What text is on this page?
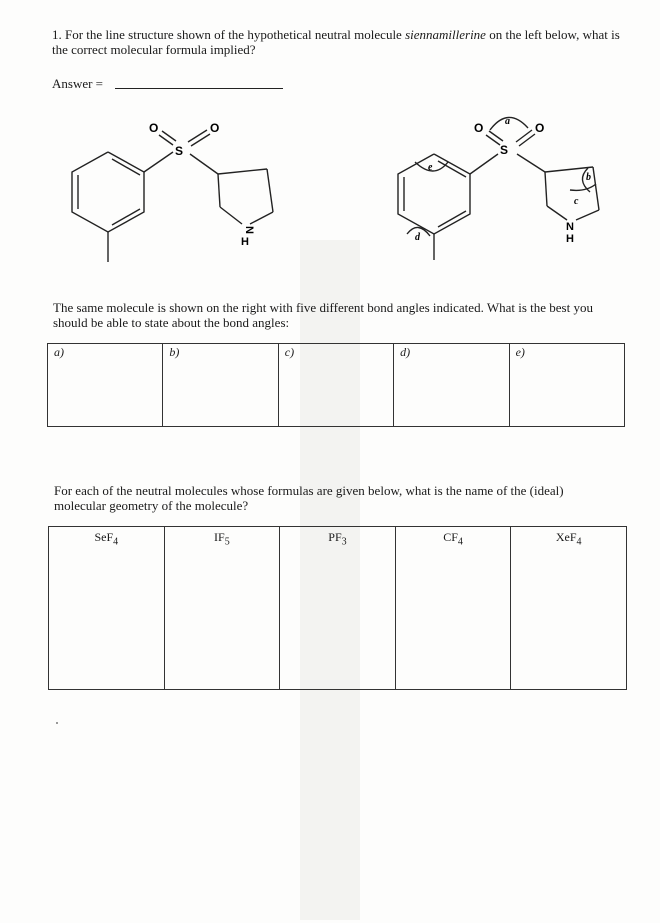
1. For the line structure shown of the hypothetical neutral molecule siennamillerine on the left below, what is the correct molecular formula implied?

Answer =
O
S
O
N
H
O
S
O
N
H
a
b
c
d
e

The same molecule is shown on the right with five different bond angles indicated. What is the best you should be able to state about the bond angles:

a)	b)	c)	d)	e)

For each of the neutral molecules whose formulas are given below, what is the name of the (ideal) molecular geometry of the molecule?

SeF$_4$	$IF_5$	$PF_3$	$CF_4$	XeF$_4$
